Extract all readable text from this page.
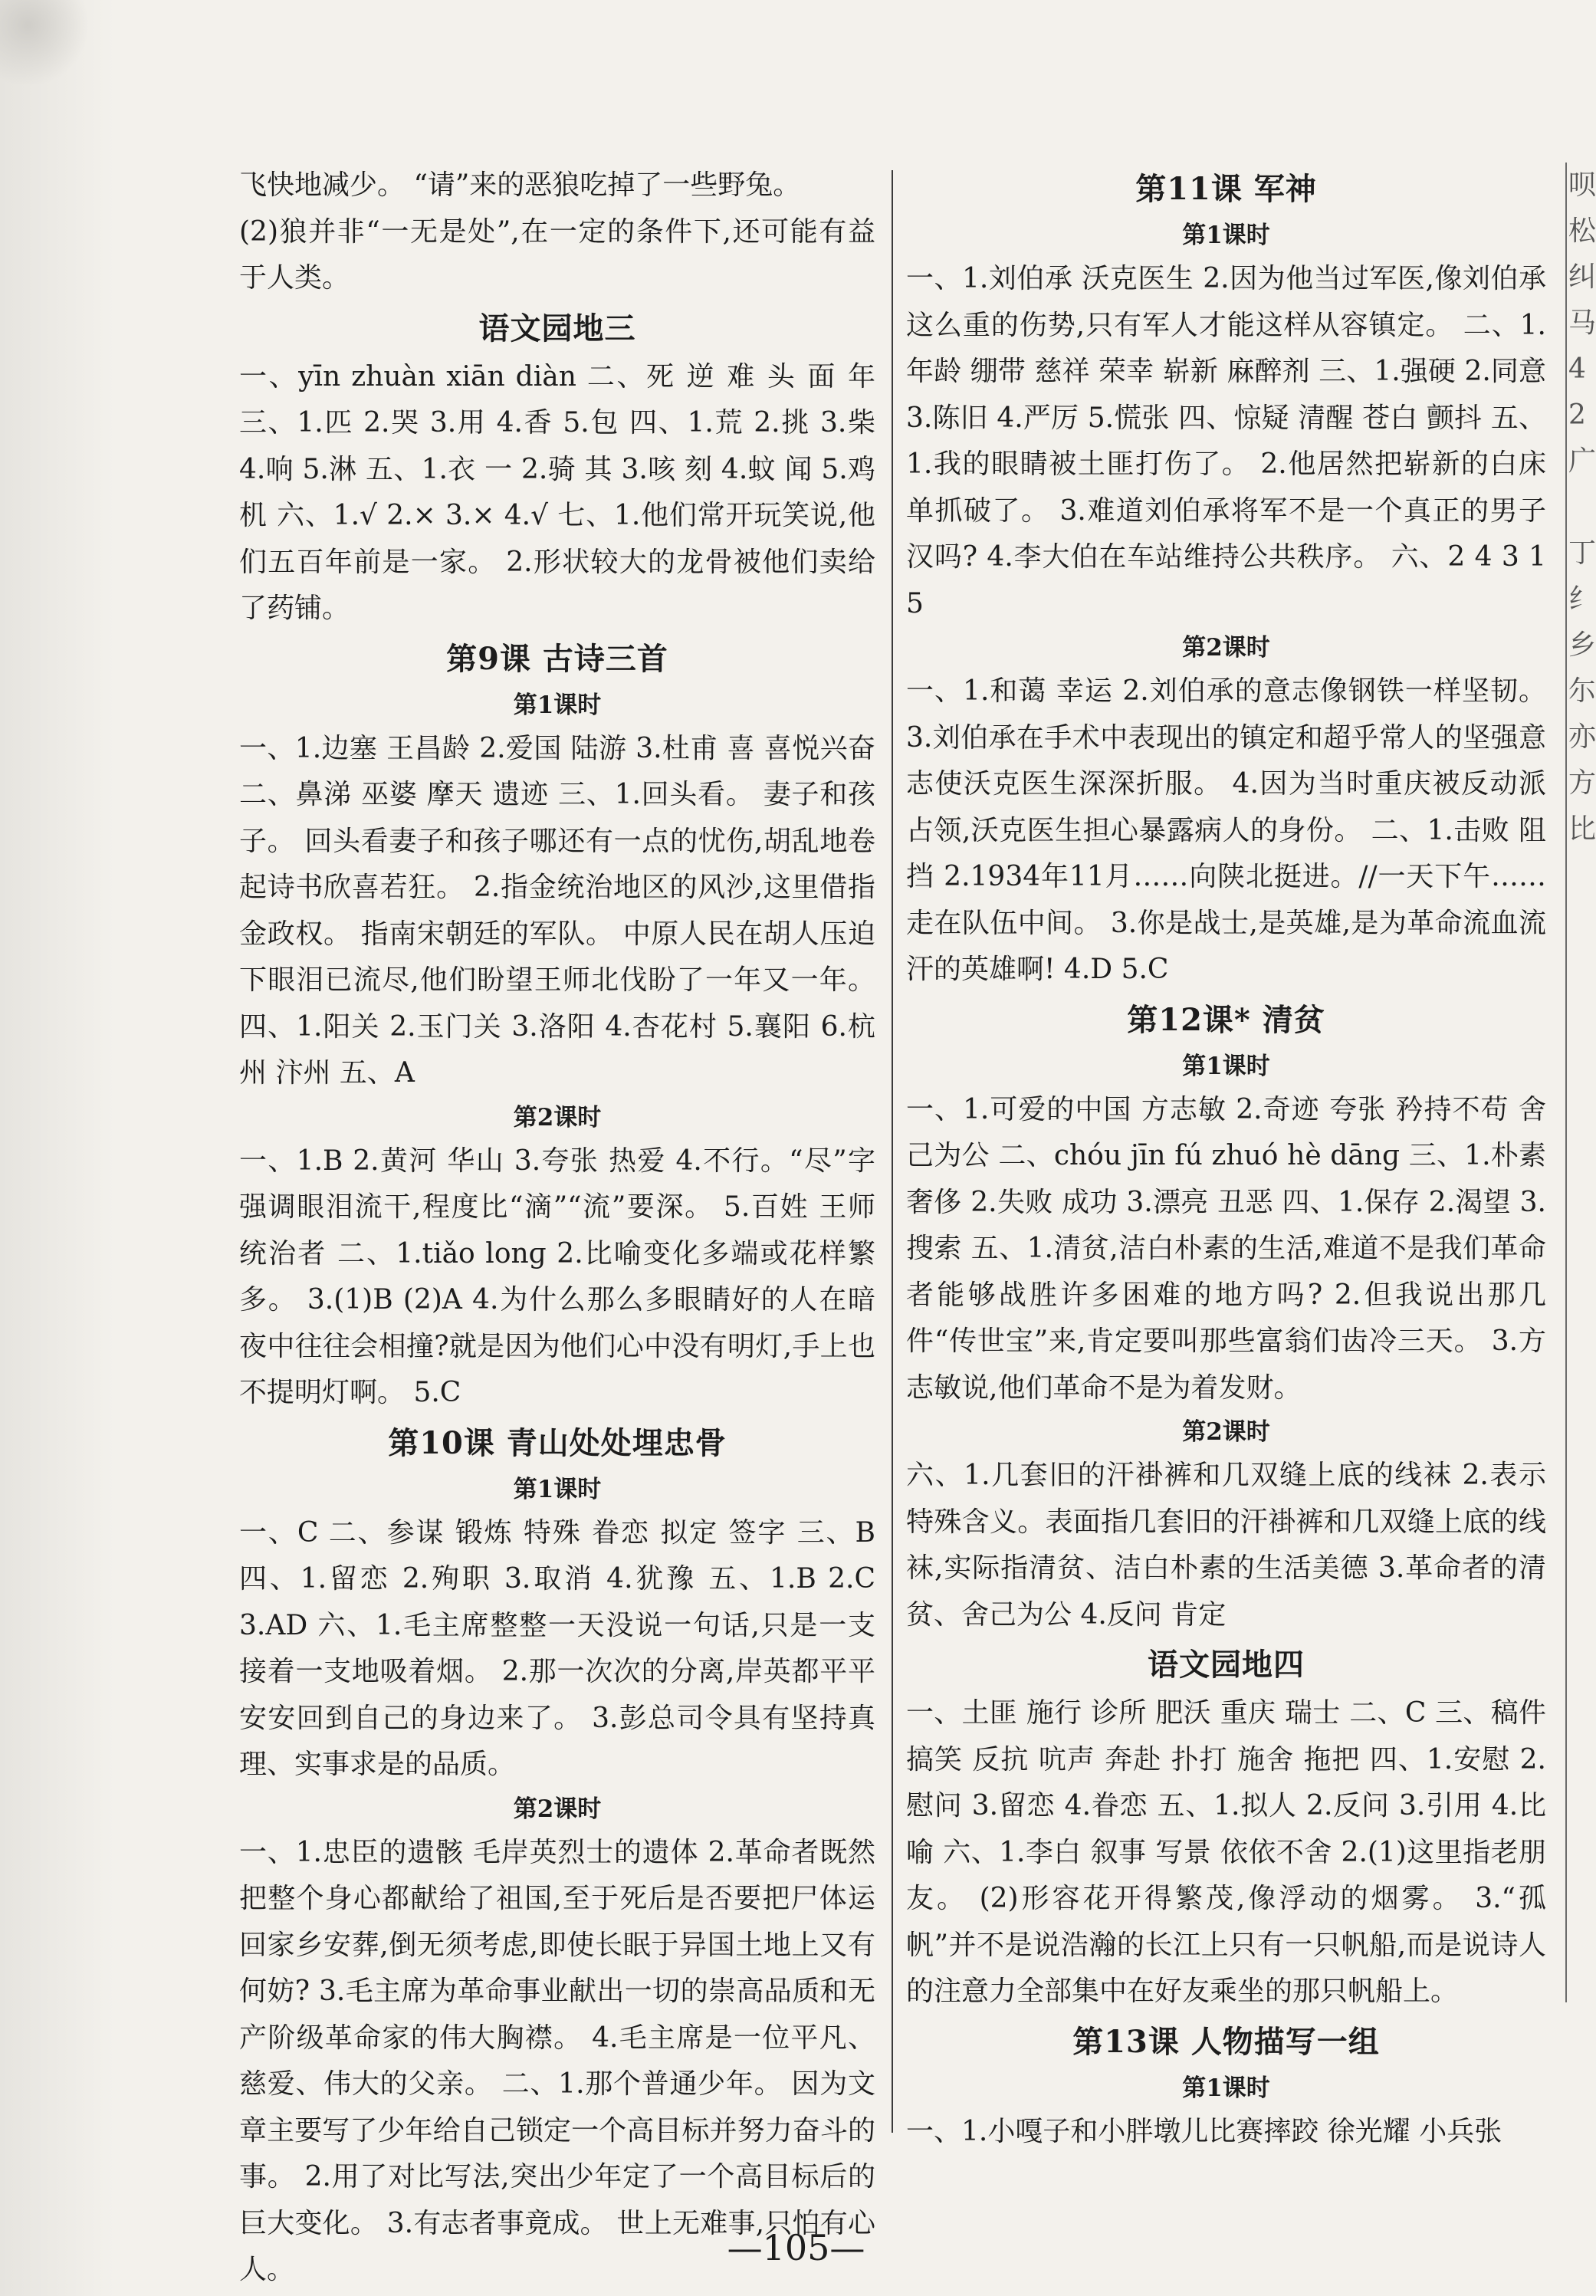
飞快地减少。 “请”来的恶狼吃掉了一些野兔。
(2)狼并非“一无是处”,在一定的条件下,还可能有益于人类。
语文园地三
一、yīn zhuàn xiān diàn 二、死 逆 难 头 面 年 三、1.匹 2.哭 3.用 4.香 5.包 四、1.荒 2.挑 3.柴 4.响 5.淋 五、1.衣 一 2.骑 其 3.咳 刻 4.蚊 闻 5.鸡 机 六、1.√ 2.× 3.× 4.√ 七、1.他们常开玩笑说,他们五百年前是一家。 2.形状较大的龙骨被他们卖给了药铺。
第9课 古诗三首
第1课时
一、1.边塞 王昌龄 2.爱国 陆游 3.杜甫 喜 喜悦兴奋 二、鼻涕 巫婆 摩天 遗迹 三、1.回头看。 妻子和孩子。 回头看妻子和孩子哪还有一点的忧伤,胡乱地卷起诗书欣喜若狂。 2.指金统治地区的风沙,这里借指金政权。 指南宋朝廷的军队。 中原人民在胡人压迫下眼泪已流尽,他们盼望王师北伐盼了一年又一年。 四、1.阳关 2.玉门关 3.洛阳 4.杏花村 5.襄阳 6.杭州 汴州 五、A
第2课时
一、1.B 2.黄河 华山 3.夸张 热爱 4.不行。“尽”字强调眼泪流干,程度比“滴”“流”要深。 5.百姓 王师 统治者 二、1.tiǎo lonɡ 2.比喻变化多端或花样繁多。 3.(1)B (2)A 4.为什么那么多眼睛好的人在暗夜中往往会相撞?就是因为他们心中没有明灯,手上也不提明灯啊。 5.C
第10课 青山处处埋忠骨
第1课时
一、C 二、参谋 锻炼 特殊 眷恋 拟定 签字 三、B 四、1.留恋 2.殉职 3.取消 4.犹豫 五、1.B 2.C 3.AD 六、1.毛主席整整一天没说一句话,只是一支接着一支地吸着烟。 2.那一次次的分离,岸英都平平安安回到自己的身边来了。 3.彭总司令具有坚持真理、实事求是的品质。
第2课时
一、1.忠臣的遗骸 毛岸英烈士的遗体 2.革命者既然把整个身心都献给了祖国,至于死后是否要把尸体运回家乡安葬,倒无须考虑,即使长眠于异国土地上又有何妨? 3.毛主席为革命事业献出一切的崇高品质和无产阶级革命家的伟大胸襟。 4.毛主席是一位平凡、慈爱、伟大的父亲。 二、1.那个普通少年。 因为文章主要写了少年给自己锁定一个高目标并努力奋斗的事。 2.用了对比写法,突出少年定了一个高目标后的巨大变化。 3.有志者事竟成。 世上无难事,只怕有心人。
第11课 军神
第1课时
一、1.刘伯承 沃克医生 2.因为他当过军医,像刘伯承这么重的伤势,只有军人才能这样从容镇定。 二、1.年龄 绷带 慈祥 荣幸 崭新 麻醉剂 三、1.强硬 2.同意 3.陈旧 4.严厉 5.慌张 四、惊疑 清醒 苍白 颤抖 五、1.我的眼睛被土匪打伤了。 2.他居然把崭新的白床单抓破了。 3.难道刘伯承将军不是一个真正的男子汉吗? 4.李大伯在车站维持公共秩序。 六、2 4 3 1 5
第2课时
一、1.和蔼 幸运 2.刘伯承的意志像钢铁一样坚韧。 3.刘伯承在手术中表现出的镇定和超乎常人的坚强意志使沃克医生深深折服。 4.因为当时重庆被反动派占领,沃克医生担心暴露病人的身份。 二、1.击败 阻挡 2.1934年11月……向陕北挺进。//一天下午……走在队伍中间。 3.你是战士,是英雄,是为革命流血流汗的英雄啊! 4.D 5.C
第12课* 清贫
第1课时
一、1.可爱的中国 方志敏 2.奇迹 夸张 矜持不苟 舍己为公 二、chóu jīn fú zhuó hè dānɡ 三、1.朴素 奢侈 2.失败 成功 3.漂亮 丑恶 四、1.保存 2.渴望 3.搜索 五、1.清贫,洁白朴素的生活,难道不是我们革命者能够战胜许多困难的地方吗? 2.但我说出那几件“传世宝”来,肯定要叫那些富翁们齿冷三天。 3.方志敏说,他们革命不是为着发财。
第2课时
六、1.几套旧的汗褂裤和几双缝上底的线袜 2.表示特殊含义。表面指几套旧的汗褂裤和几双缝上底的线袜,实际指清贫、洁白朴素的生活美德 3.革命者的清贫、舍己为公 4.反问 肯定
语文园地四
一、土匪 施行 诊所 肥沃 重庆 瑞士 二、C 三、稿件 搞笑 反抗 吭声 奔赴 扑打 施舍 拖把 四、1.安慰 2.慰问 3.留恋 4.眷恋 五、1.拟人 2.反问 3.引用 4.比喻 六、1.李白 叙事 写景 依依不舍 2.(1)这里指老朋友。 (2)形容花开得繁茂,像浮动的烟雾。 3.“孤帆”并不是说浩瀚的长江上只有一只帆船,而是说诗人的注意力全部集中在好友乘坐的那只帆船上。
第13课 人物描写一组
第1课时
一、1.小嘎子和小胖墩儿比赛摔跤 徐光耀 小兵张
呗
松
纠
马
4
2
广

丁
纟
乡
尓
亦
方
比

—105—
